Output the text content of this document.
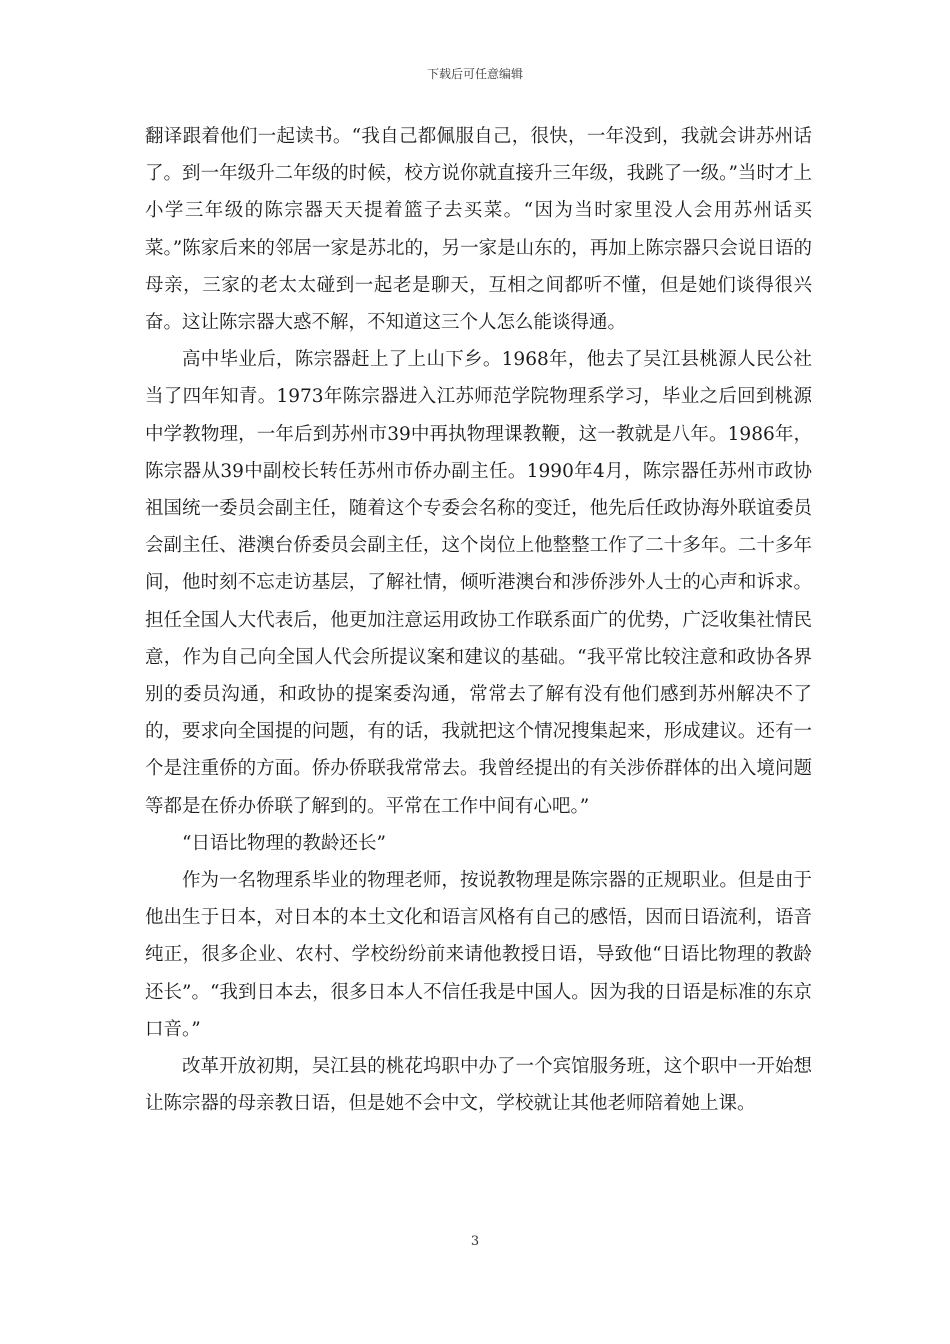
下载后可任意编辑

翻译跟着他们一起读书。“我自己都佩服自己，很快，一年没到，我就会讲苏州话了。到一年级升二年级的时候，校方说你就直接升三年级，我跳了一级。”当时才上小学三年级的陈宗器天天提着篮子去买菜。“因为当时家里没人会用苏州话买菜。”陈家后来的邻居一家是苏北的，另一家是山东的，再加上陈宗器只会说日语的母亲，三家的老太太碰到一起老是聊天，互相之间都听不懂，但是她们谈得很兴奋。这让陈宗器大惑不解，不知道这三个人怎么能谈得通。

高中毕业后，陈宗器赶上了上山下乡。1968年，他去了吴江县桃源人民公社当了四年知青。1973年陈宗器进入江苏师范学院物理系学习，毕业之后回到桃源中学教物理，一年后到苏州市39中再执物理课教鞭，这一教就是八年。1986年，陈宗器从39中副校长转任苏州市侨办副主任。1990年4月，陈宗器任苏州市政协祖国统一委员会副主任，随着这个专委会名称的变迁，他先后任政协海外联谊委员会副主任、港澳台侨委员会副主任，这个岗位上他整整工作了二十多年。二十多年间，他时刻不忘走访基层，了解社情，倾听港澳台和涉侨涉外人士的心声和诉求。担任全国人大代表后，他更加注意运用政协工作联系面广的优势，广泛收集社情民意，作为自己向全国人代会所提议案和建议的基础。“我平常比较注意和政协各界别的委员沟通，和政协的提案委沟通，常常去了解有没有他们感到苏州解决不了的，要求向全国提的问题，有的话，我就把这个情况搜集起来，形成建议。还有一个是注重侨的方面。侨办侨联我常常去。我曾经提出的有关涉侨群体的出入境问题等都是在侨办侨联了解到的。平常在工作中间有心吧。”

“日语比物理的教龄还长”

作为一名物理系毕业的物理老师，按说教物理是陈宗器的正规职业。但是由于他出生于日本，对日本的本土文化和语言风格有自己的感悟，因而日语流利，语音纯正，很多企业、农村、学校纷纷前来请他教授日语，导致他“日语比物理的教龄还长”。“我到日本去，很多日本人不信任我是中国人。因为我的日语是标准的东京口音。”

改革开放初期，吴江县的桃花坞职中办了一个宾馆服务班，这个职中一开始想让陈宗器的母亲教日语，但是她不会中文，学校就让其他老师陪着她上课。

3
